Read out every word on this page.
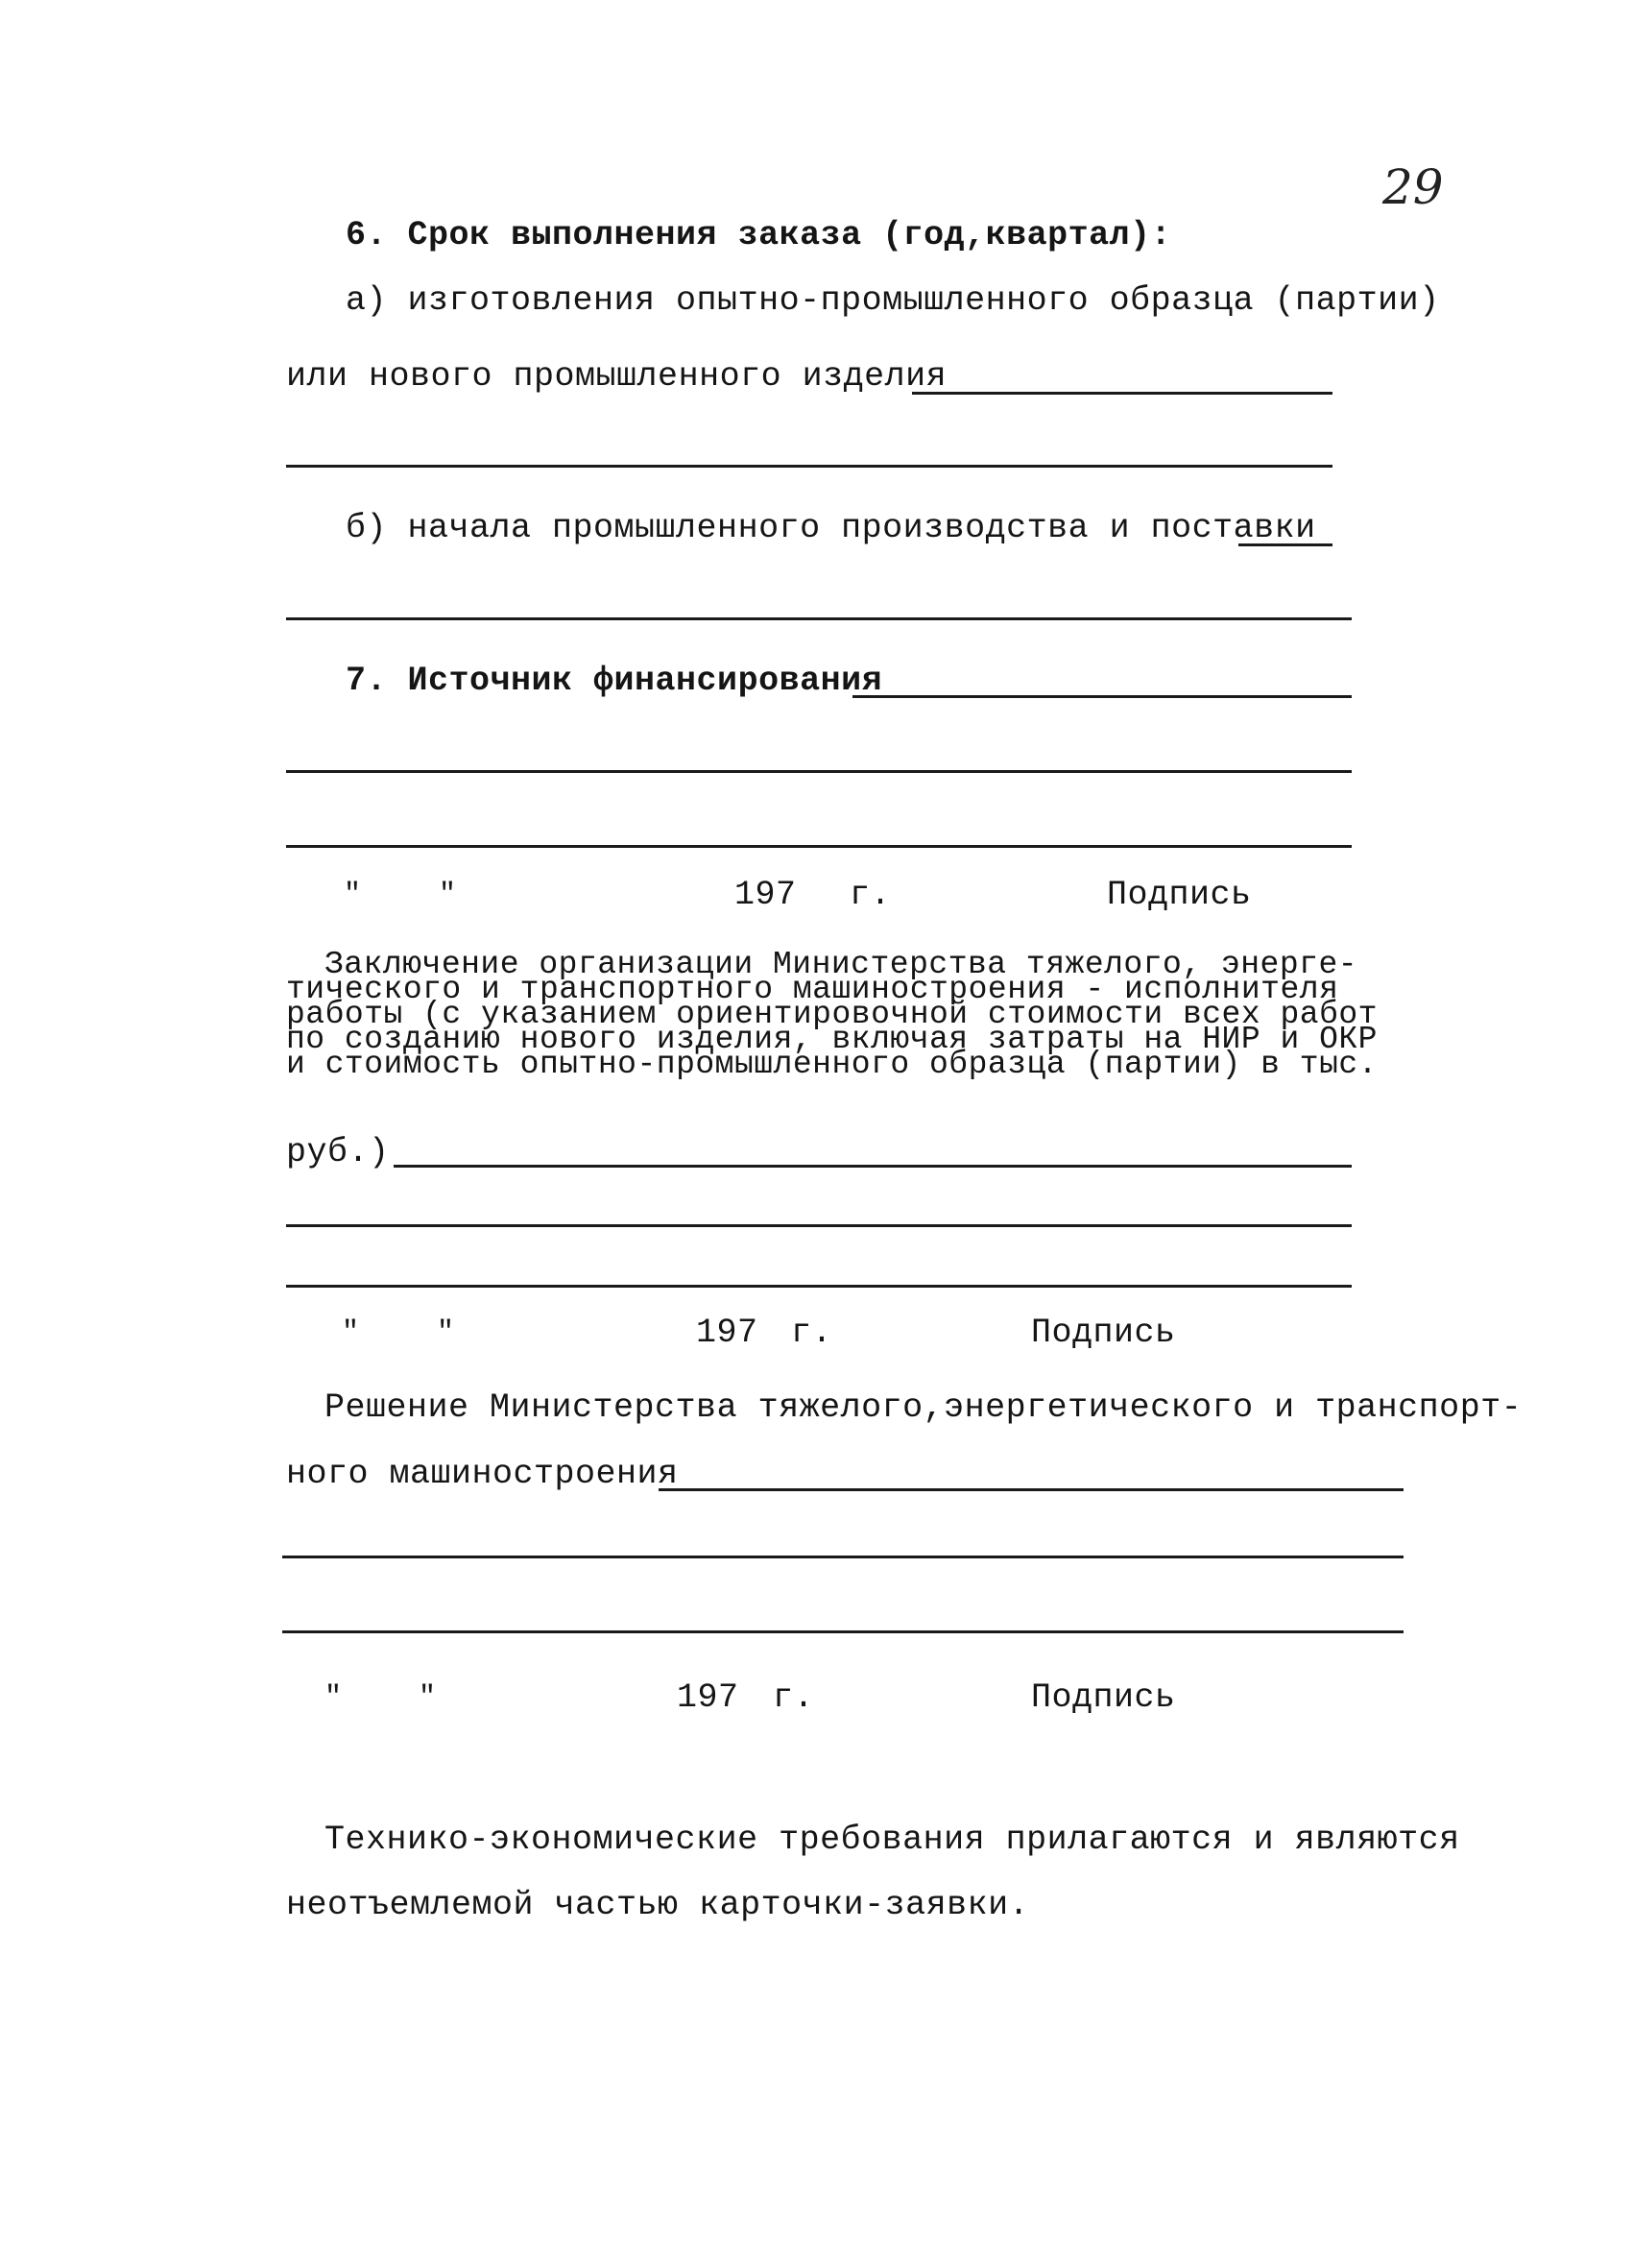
29
6. Срок выполнения заказа (год,квартал):
а) изготовления опытно-промышленного образца (партии)
или нового промышленного изделия
б) начала промышленного производства и поставки
7. Источник финансирования
"	"	197 г.	Подпись
Заключение организации Министерства тяжелого, энерге-
тического и транспортного машиностроения - исполнителя
работы (с указанием ориентировочной стоимости всех работ
по созданию нового изделия, включая затраты на НИР и ОКР
и стоимость опытно-промышленного образца (партии) в тыс.
руб.)
"	"	197 г.	Подпись
Решение Министерства тяжелого,энергетического и транспорт-
ного машиностроения
"	"	197 г.	Подпись
Технико-экономические требования прилагаются и являются
неотъемлемой частью карточки-заявки.
